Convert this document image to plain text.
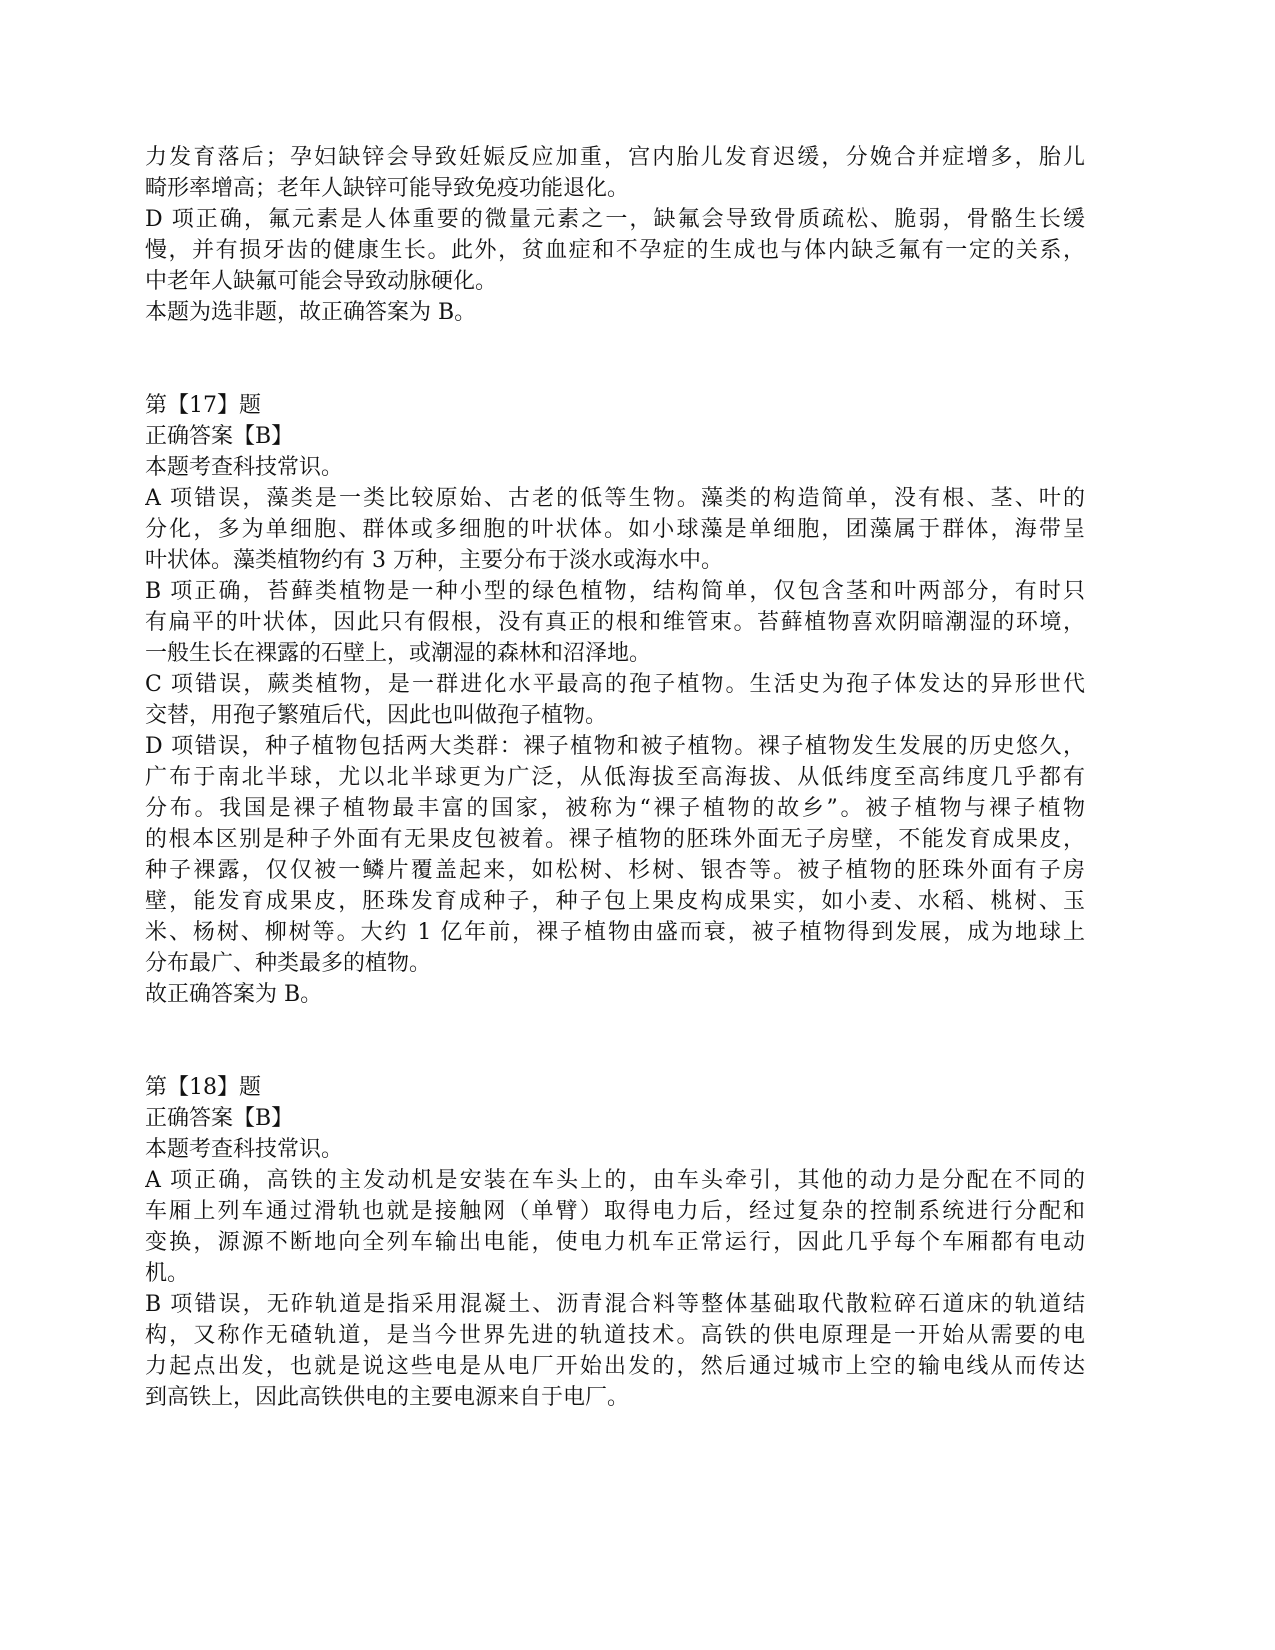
力发育落后；孕妇缺锌会导致妊娠反应加重，宫内胎儿发育迟缓，分娩合并症增多，胎儿
畸形率增高；老年人缺锌可能导致免疫功能退化。
D 项正确，氟元素是人体重要的微量元素之一，缺氟会导致骨质疏松、脆弱，骨骼生长缓
慢，并有损牙齿的健康生长。此外，贫血症和不孕症的生成也与体内缺乏氟有一定的关系，
中老年人缺氟可能会导致动脉硬化。
本题为选非题，故正确答案为 B。
第【17】题
正确答案【B】
本题考查科技常识。
A 项错误，藻类是一类比较原始、古老的低等生物。藻类的构造简单，没有根、茎、叶的
分化，多为单细胞、群体或多细胞的叶状体。如小球藻是单细胞，团藻属于群体，海带呈
叶状体。藻类植物约有 3 万种，主要分布于淡水或海水中。
B 项正确，苔藓类植物是一种小型的绿色植物，结构简单，仅包含茎和叶两部分，有时只
有扁平的叶状体，因此只有假根，没有真正的根和维管束。苔藓植物喜欢阴暗潮湿的环境，
一般生长在裸露的石壁上，或潮湿的森林和沼泽地。
C 项错误，蕨类植物，是一群进化水平最高的孢子植物。生活史为孢子体发达的异形世代
交替，用孢子繁殖后代，因此也叫做孢子植物。
D 项错误，种子植物包括两大类群：裸子植物和被子植物。裸子植物发生发展的历史悠久，
广布于南北半球，尤以北半球更为广泛，从低海拔至高海拔、从低纬度至高纬度几乎都有
分布。我国是裸子植物最丰富的国家，被称为“裸子植物的故乡”。被子植物与裸子植物
的根本区别是种子外面有无果皮包被着。裸子植物的胚珠外面无子房壁，不能发育成果皮，
种子裸露，仅仅被一鳞片覆盖起来，如松树、杉树、银杏等。被子植物的胚珠外面有子房
壁，能发育成果皮，胚珠发育成种子，种子包上果皮构成果实，如小麦、水稻、桃树、玉
米、杨树、柳树等。大约 1 亿年前，裸子植物由盛而衰，被子植物得到发展，成为地球上
分布最广、种类最多的植物。
故正确答案为 B。
第【18】题
正确答案【B】
本题考查科技常识。
A 项正确，高铁的主发动机是安装在车头上的，由车头牵引，其他的动力是分配在不同的
车厢上列车通过滑轨也就是接触网（单臂）取得电力后，经过复杂的控制系统进行分配和
变换，源源不断地向全列车输出电能，使电力机车正常运行，因此几乎每个车厢都有电动
机。
B 项错误，无砟轨道是指采用混凝土、沥青混合料等整体基础取代散粒碎石道床的轨道结
构，又称作无碴轨道，是当今世界先进的轨道技术。高铁的供电原理是一开始从需要的电
力起点出发，也就是说这些电是从电厂开始出发的，然后通过城市上空的输电线从而传达
到高铁上，因此高铁供电的主要电源来自于电厂。
